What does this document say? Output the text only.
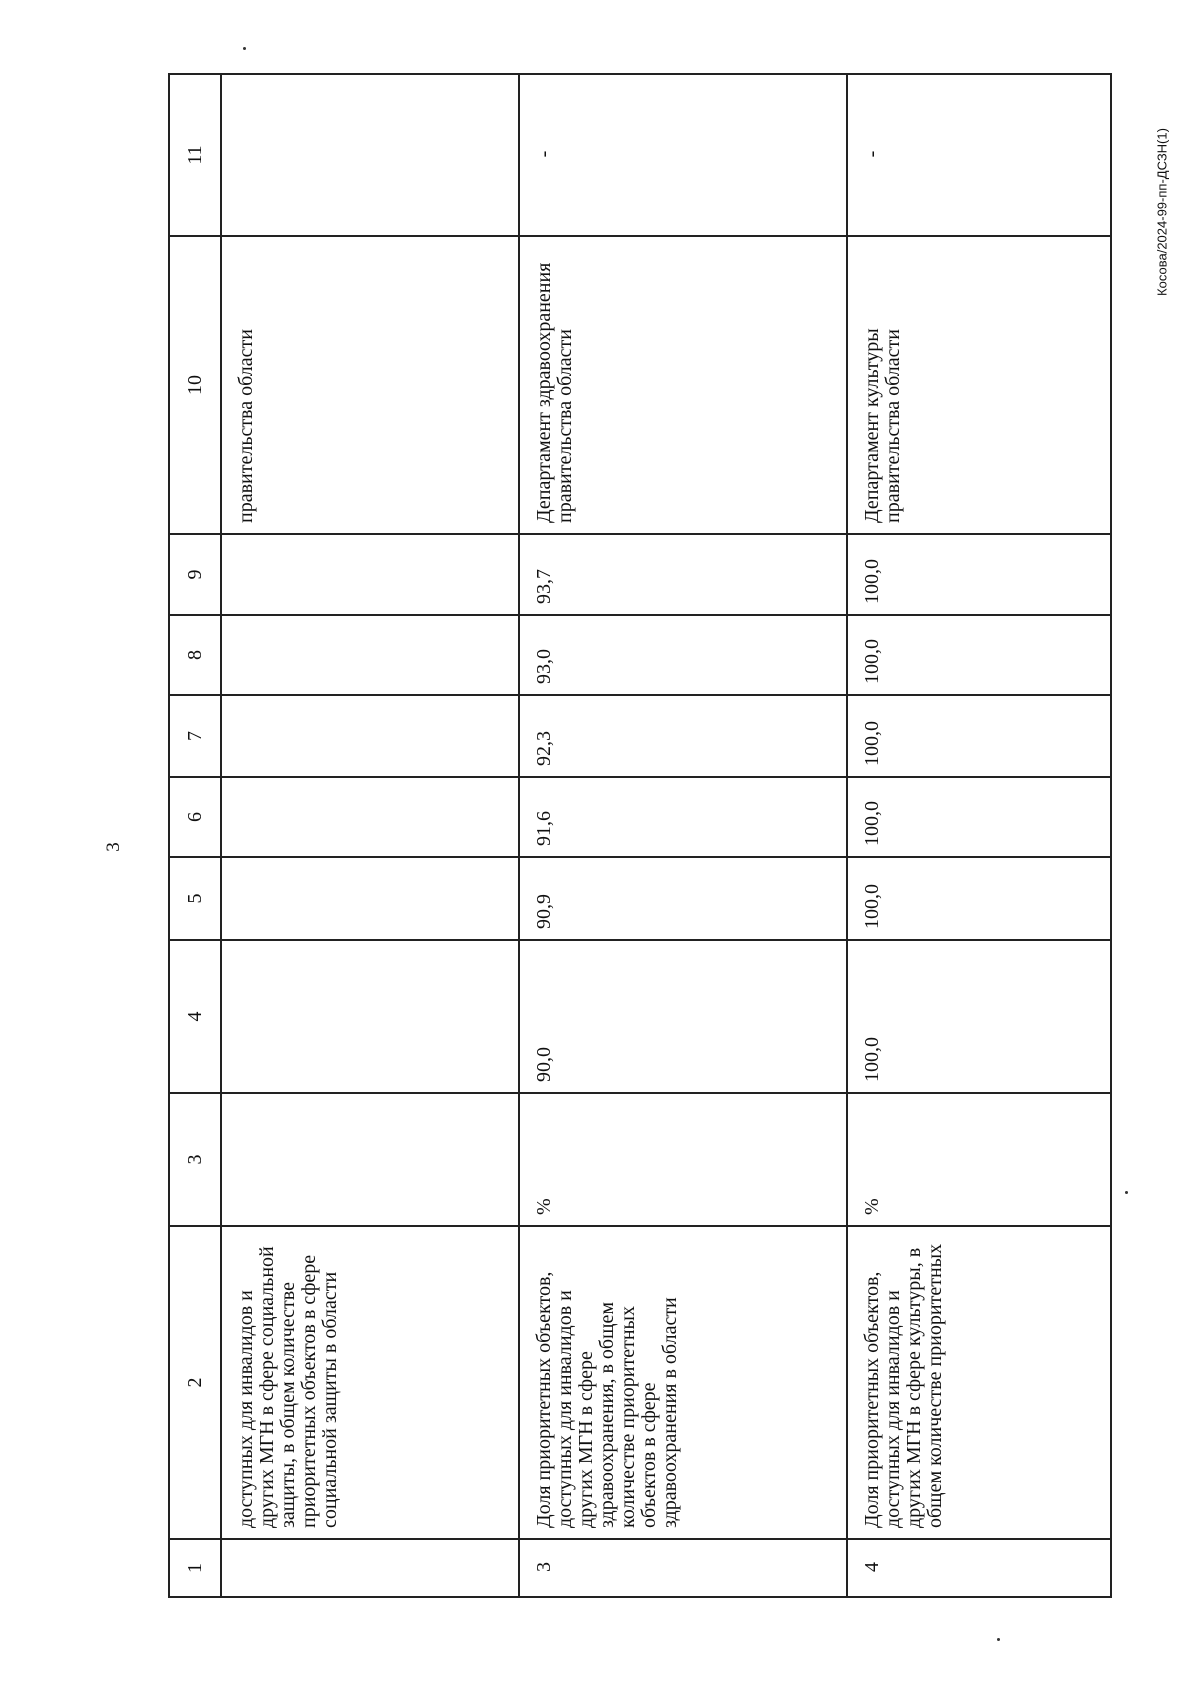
3
Косова/2024-99-пп-ДСЗН(1)
1	2	3	4	5	6	7	8	9	10	11
	доступных для инвалидов и других МГН в сфере социальной защиты, в общем количестве приоритетных объектов в сфере социальной защиты в области								правительства области	
3	Доля приоритетных объектов, доступных для инвалидов и других МГН в сфере здравоохранения, в общем количестве приоритетных объектов в сфере здравоохранения в области	%	90,0	90,9	91,6	92,3	93,0	93,7	Департамент здравоохранения правительства области	-
4	Доля приоритетных объектов, доступных для инвалидов и других МГН в сфере культуры, в общем количестве приоритетных	%	100,0	100,0	100,0	100,0	100,0	100,0	Департамент культуры правительства области	-
